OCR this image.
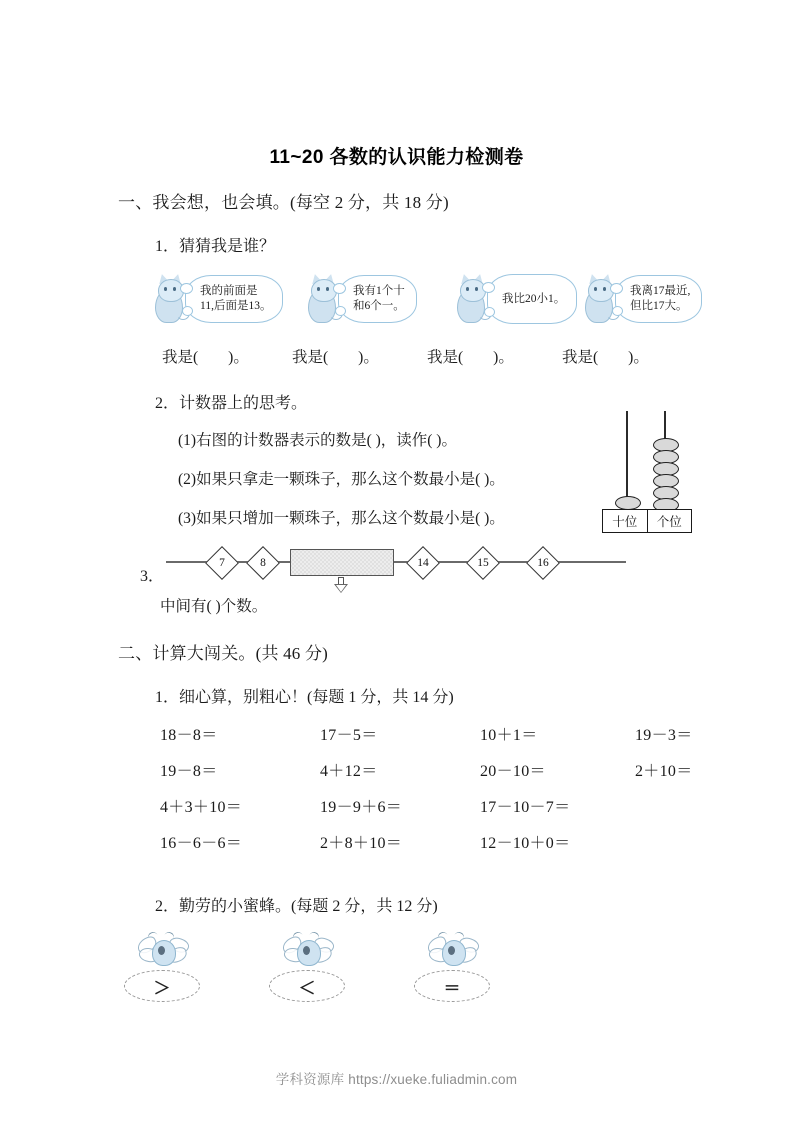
11~20 各数的认识能力检测卷
一、我会想，也会填。(每空 2 分，共 18 分)
1．猜猜我是谁？
我的前面是
11,后面是13。
我有1个十
和6个一。
我比20小1。
我离17最近,
但比17大。
我是( )。	我是( )。	我是( )。	我是( )。
2．计数器上的思考。
(1)右图的计数器表示的数是( )，读作( )。
(2)如果只拿走一颗珠子，那么这个数最小是( )。
(3)如果只增加一颗珠子，那么这个数最小是( )。	十位	个位
3．
7	8	14	15	16
中间有( )个数。
二、计算大闯关。(共 46 分)
1．细心算，别粗心！(每题 1 分，共 14 分)
18－8＝	17－5＝	10＋1＝	19－3＝
19－8＝	4＋12＝	20－10＝	2＋10＝
4＋3＋10＝	19－9＋6＝	17－10－7＝
16－6－6＝	2＋8＋10＝	12－10＋0＝
2．勤劳的小蜜蜂。(每题 2 分，共 12 分)
＞	＜	＝
学科资源库 https://xueke.fuliadmin.com
